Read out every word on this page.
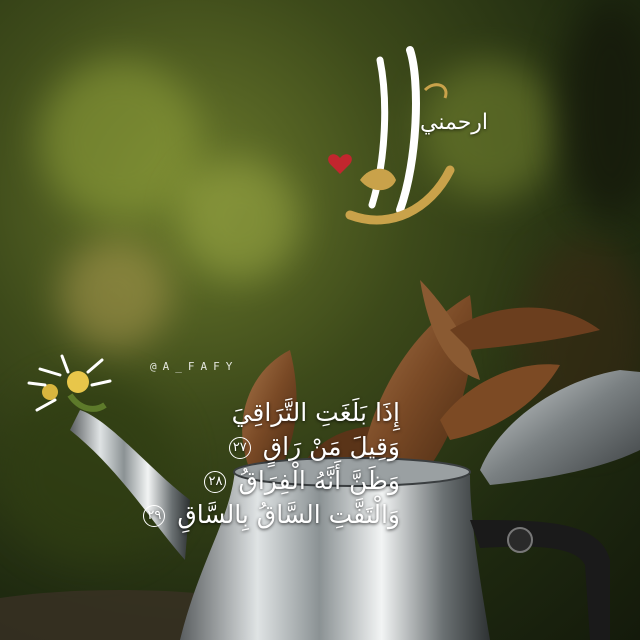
ارحمني
إِذَا بَلَغَتِ التَّرَاقِيَ
وَقِيلَ مَنْ رَاقٍ ٢٧
وَظَنَّ أَنَّهُ الْفِرَاقُ ٢٨
وَالْتَفَّتِ السَّاقُ بِالسَّاقِ ٢٩
@A_FAFY
